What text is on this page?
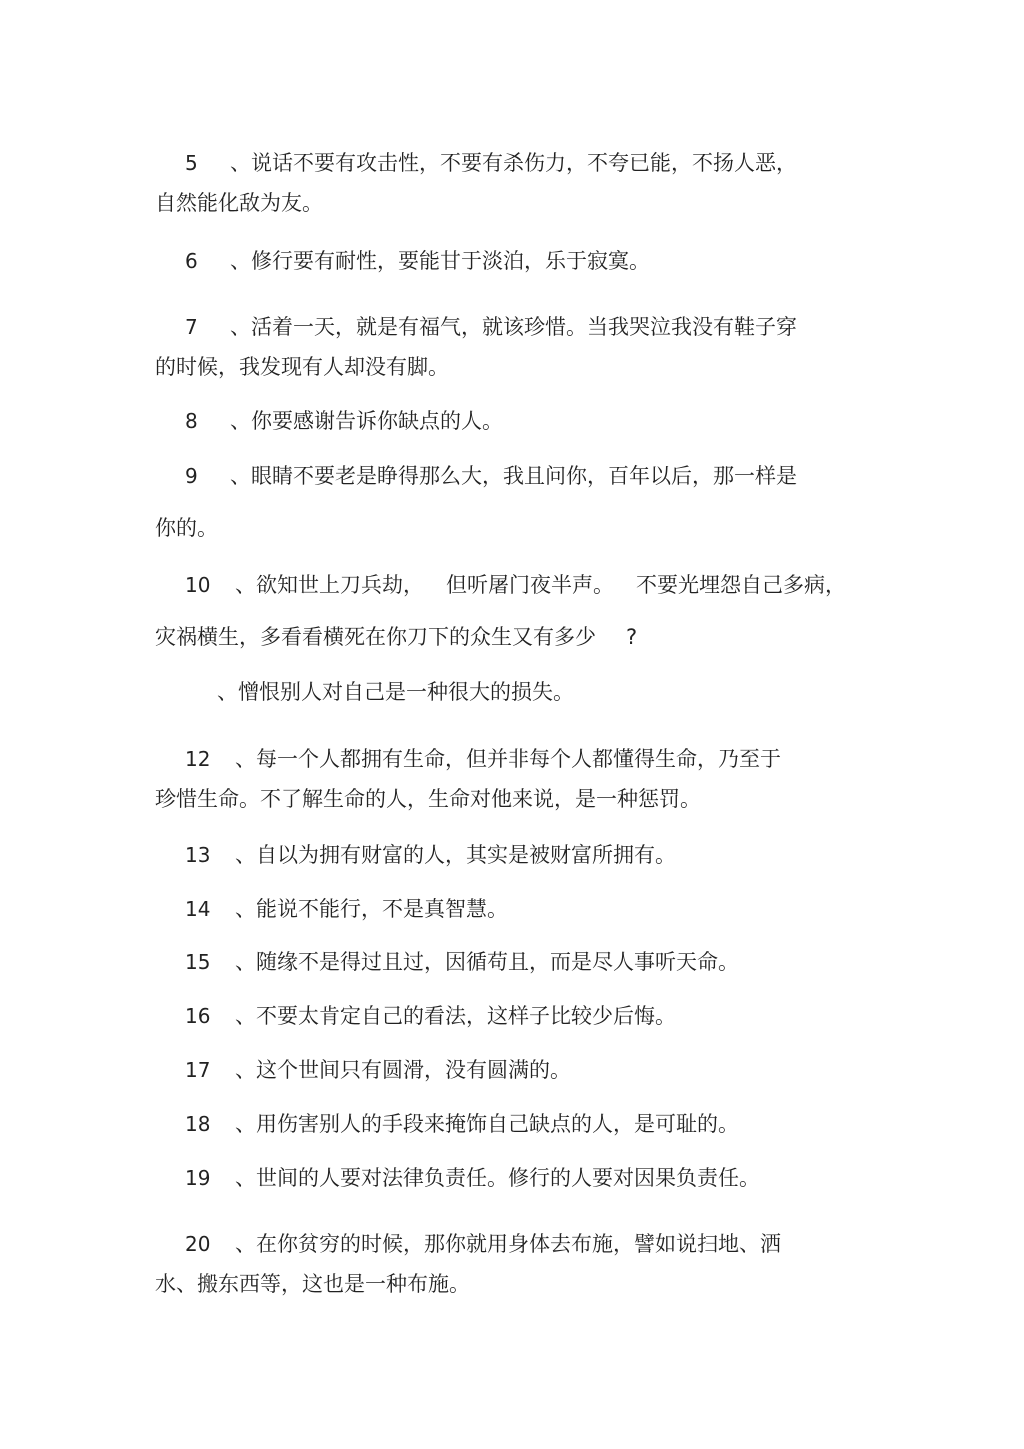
5 、说话不要有攻击性，不要有杀伤力，不夸已能，不扬人恶，
自然能化敌为友。
6 、修行要有耐性，要能甘于淡泊，乐于寂寞。
7 、活着一天，就是有福气，就该珍惜。当我哭泣我没有鞋子穿
的时候，我发现有人却没有脚。
8 、你要感谢告诉你缺点的人。
9 、眼睛不要老是睁得那么大，我且问你，百年以后，那一样是
你的。
10 、欲知世上刀兵劫， 但听屠门夜半声。 不要光埋怨自己多病，
灾祸横生，多看看横死在你刀下的众生又有多少 ?
、憎恨别人对自己是一种很大的损失。
12 、每一个人都拥有生命，但并非每个人都懂得生命，乃至于
珍惜生命。不了解生命的人，生命对他来说，是一种惩罚。
13 、自以为拥有财富的人，其实是被财富所拥有。
14 、能说不能行，不是真智慧。
15 、随缘不是得过且过，因循苟且，而是尽人事听天命。
16 、不要太肯定自己的看法，这样子比较少后悔。
17 、这个世间只有圆滑，没有圆满的。
18 、用伤害别人的手段来掩饰自己缺点的人，是可耻的。
19 、世间的人要对法律负责任。修行的人要对因果负责任。
20 、在你贫穷的时候，那你就用身体去布施，譬如说扫地、洒
水、搬东西等，这也是一种布施。
